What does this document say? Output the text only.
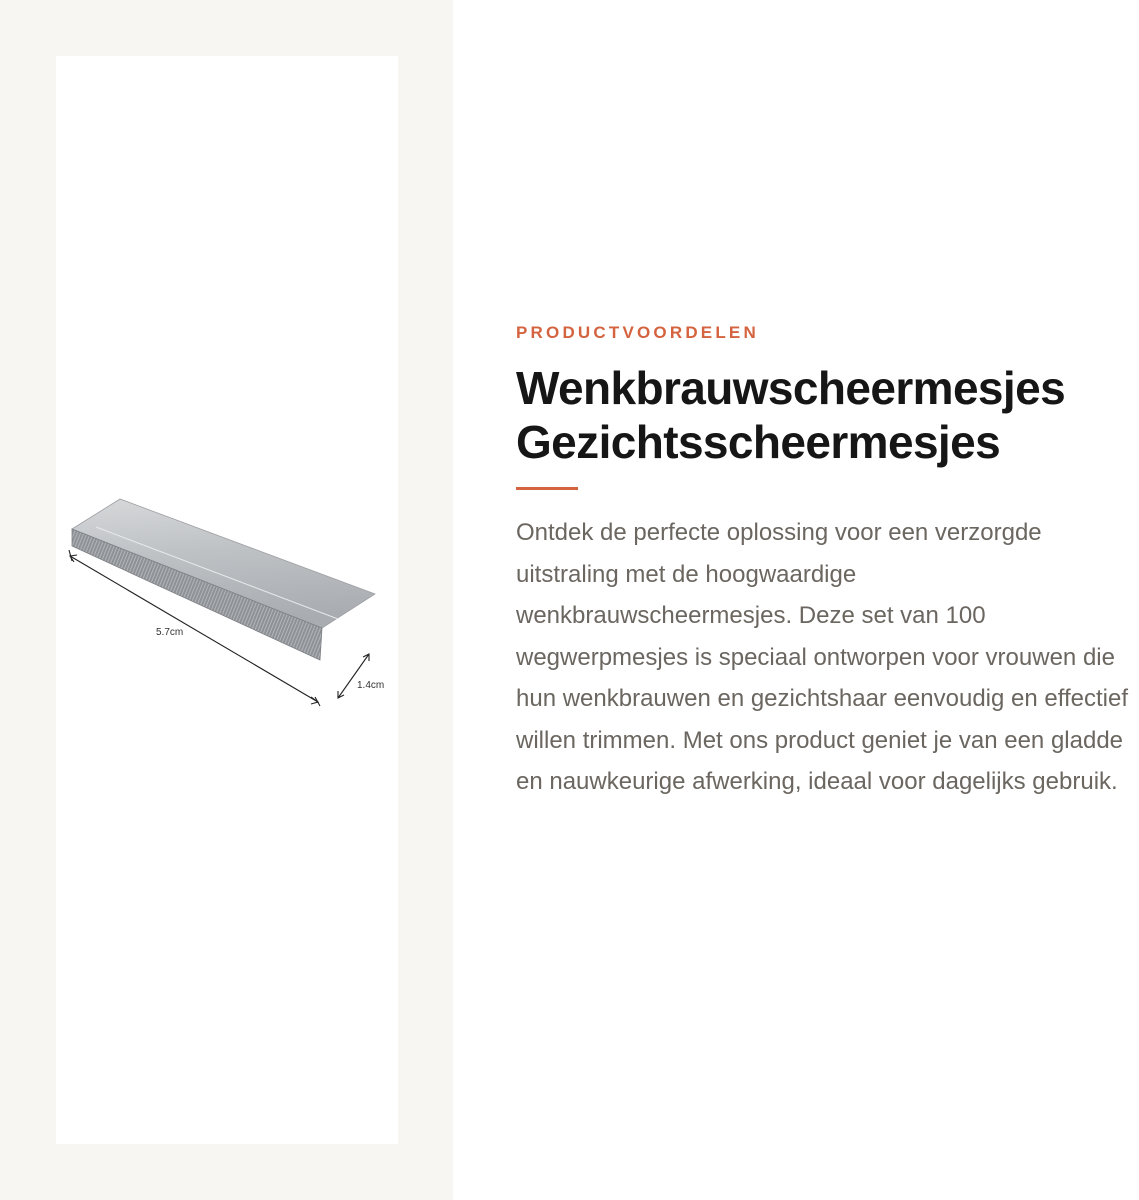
5.7cm
1.4cm
PRODUCTVOORDELEN
Wenkbrauwscheermesjes
Gezichtsscheermesjes

Ontdek de perfecte oplossing voor een verzorgde uitstraling met de hoogwaardige wenkbrauwscheermesjes. Deze set van 100 wegwerpmesjes is speciaal ontworpen voor vrouwen die hun wenkbrauwen en gezichtshaar eenvoudig en effectief willen trimmen. Met ons product geniet je van een gladde en nauwkeurige afwerking, ideaal voor dagelijks gebruik.
